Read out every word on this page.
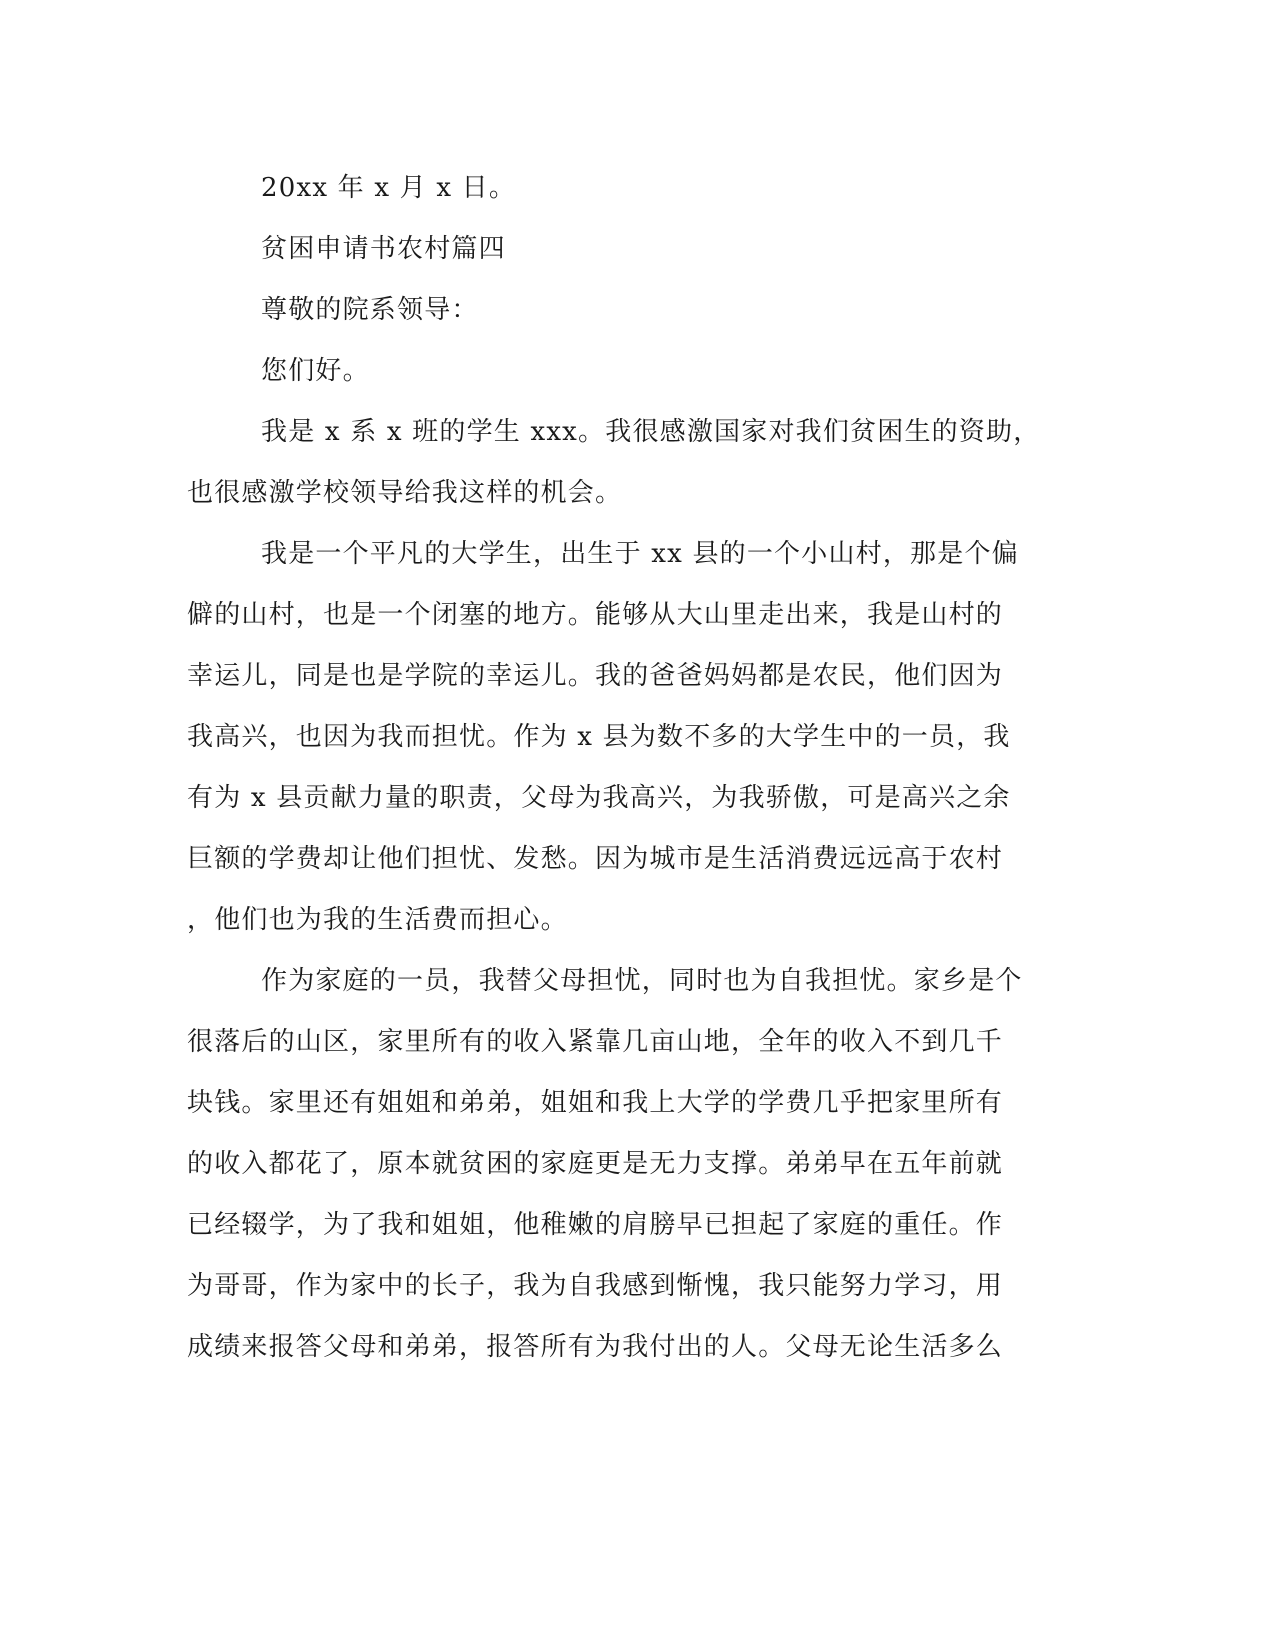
20xx 年 x 月 x 日。
贫困申请书农村篇四
尊敬的院系领导：
您们好。
我是 x 系 x 班的学生 xxx。我很感激国家对我们贫困生的资助，
也很感激学校领导给我这样的机会。
我是一个平凡的大学生，出生于 xx 县的一个小山村，那是个偏
僻的山村，也是一个闭塞的地方。能够从大山里走出来，我是山村的
幸运儿，同是也是学院的幸运儿。我的爸爸妈妈都是农民，他们因为
我高兴，也因为我而担忧。作为 x 县为数不多的大学生中的一员，我
有为 x 县贡献力量的职责，父母为我高兴，为我骄傲，可是高兴之余
巨额的学费却让他们担忧、发愁。因为城市是生活消费远远高于农村
，他们也为我的生活费而担心。
作为家庭的一员，我替父母担忧，同时也为自我担忧。家乡是个
很落后的山区，家里所有的收入紧靠几亩山地，全年的收入不到几千
块钱。家里还有姐姐和弟弟，姐姐和我上大学的学费几乎把家里所有
的收入都花了，原本就贫困的家庭更是无力支撑。弟弟早在五年前就
已经辍学，为了我和姐姐，他稚嫩的肩膀早已担起了家庭的重任。作
为哥哥，作为家中的长子，我为自我感到惭愧，我只能努力学习，用
成绩来报答父母和弟弟，报答所有为我付出的人。父母无论生活多么
